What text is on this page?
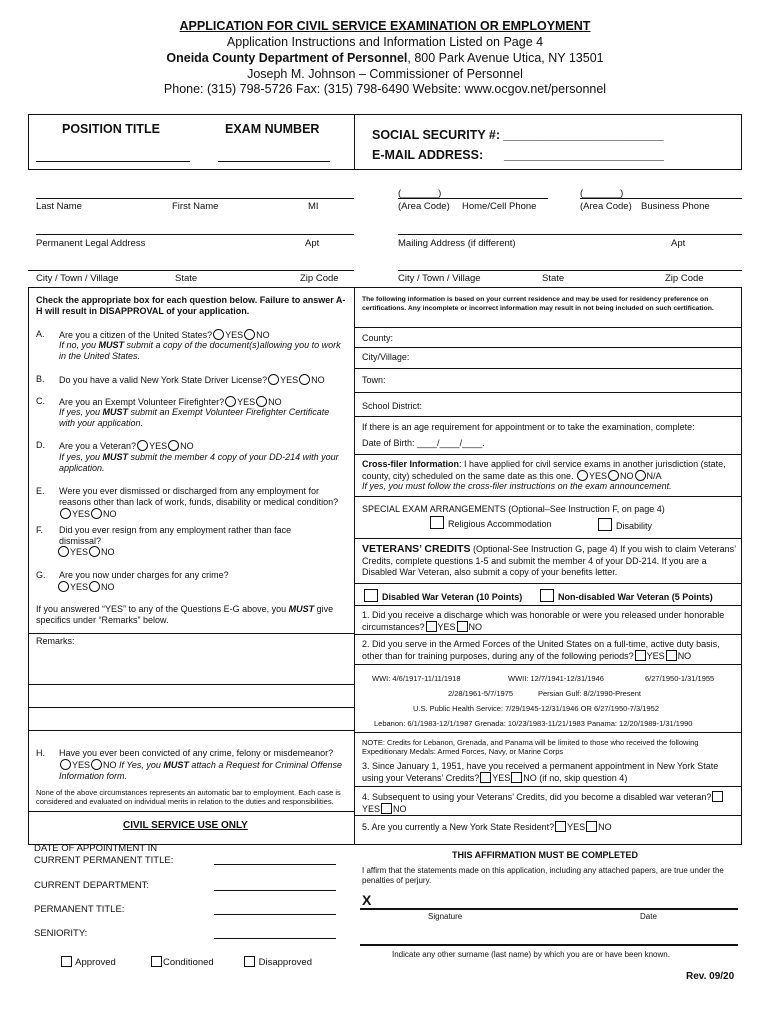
APPLICATION FOR CIVIL SERVICE EXAMINATION OR EMPLOYMENT
Application Instructions and Information Listed on Page 4
Oneida County Department of Personnel, 800 Park Avenue Utica, NY 13501
Joseph M. Johnson – Commissioner of Personnel
Phone: (315) 798-5726 Fax: (315) 798-6490 Website: www.ocgov.net/personnel
POSITION TITLE	EXAM NUMBER	SOCIAL SECURITY #: _______________________
E-MAIL ADDRESS:      _______________________
Last Name	First Name	MI
(_______)
(Area Code) Home/Cell Phone
(_______)
(Area Code) Business Phone
Permanent Legal Address	Apt	Mailing Address (if different)	Apt
City / Town / Village	State	Zip Code	City / Town / Village	State	Zip Code
Check the appropriate box for each question below. Failure to answer A-H will result in DISAPPROVAL of your application.
A. Are you a citizen of the United States? YES NO
If no, you MUST submit a copy of the document(s)allowing you to work in the United States.
B. Do you have a valid New York State Driver License? YES NO
C. Are you an Exempt Volunteer Firefighter? YES NO
If yes, you MUST submit an Exempt Volunteer Firefighter Certificate with your application.
D. Are you a Veteran? YES NO
If yes, you MUST submit the member 4 copy of your DD-214 with your application.
E. Were you ever dismissed or discharged from any employment for reasons other than lack of work, funds, disability or medical condition?YES NO
F. Did you ever resign from any employment rather than face dismissal?
YES NO
G. Are you now under charges for any crime?
YES NO
If you answered “YES” to any of the Questions E-G above, you MUST give specifics under “Remarks” below.
Remarks:
H. Have you ever been convicted of any crime, felony or misdemeanor?YES NO If Yes, you MUST attach a Request for Criminal Offense Information form.
None of the above circumstances represents an automatic bar to employment. Each case is considered and evaluated on individual merits in relation to the duties and responsibilities.
CIVIL SERVICE USE ONLY
The following information is based on your current residence and may be used for residency preference on certifications. Any incomplete or incorrect information may result in not being included on such certification.
County:
City/Village:
Town:
School District:
If there is an age requirement for appointment or to take the examination, complete:
Date of Birth: ____/____/____.
Cross-filer Information: I have applied for civil service exams in another jurisdiction (state, county, city) scheduled on the same date as this one. YES NO N/A
If yes, you must follow the cross-filer instructions on the exam announcement.
SPECIAL EXAM ARRANGEMENTS (Optional–See Instruction F, on page 4)
Religious Accommodation	Disability
VETERANS’ CREDITS (Optional-See Instruction G, page 4) If you wish to claim Veterans’ Credits, complete questions 1-5 and submit the member 4 of your DD-214. If you are a Disabled War Veteran, also submit a copy of your benefits letter.
Disabled War Veteran (10 Points)	Non-disabled War Veteran (5 Points)
1. Did you receive a discharge which was honorable or were you released under honorable circumstances? YES NO
2. Did you serve in the Armed Forces of the United States on a full-time, active duty basis, other than for training purposes, during any of the following periods? YES NO
WWI: 4/6/1917-11/11/1918	WWII: 12/7/1941-12/31/1946	6/27/1950-1/31/1955
2/28/1961-5/7/1975	Persian Gulf: 8/2/1990-Present
U.S. Public Health Service: 7/29/1945-12/31/1946 OR 6/27/1950-7/3/1952
Lebanon: 6/1/1983-12/1/1987 Grenada: 10/23/1983-11/21/1983 Panama: 12/20/1989-1/31/1990
NOTE: Credits for Lebanon, Grenada, and Panama will be limited to those who received the following Expeditionary Medals: Armed Forces, Navy, or Marine Corps
3. Since January 1, 1951, have you received a permanent appointment in New York State using your Veterans’ Credits? YES NO (if no, skip question 4)
4. Subsequent to using your Veterans’ Credits, did you become a disabled war veteran?YES NO
5. Are you currently a New York State Resident? YES NO
DATE OF APPOINTMENT IN CURRENT PERMANENT TITLE:
CURRENT DEPARTMENT:
PERMANENT TITLE:
SENIORITY:
Approved	Conditioned	Disapproved
THIS AFFIRMATION MUST BE COMPLETED
I affirm that the statements made on this application, including any attached papers, are true under the penalties of perjury.
X
Signature	Date
Indicate any other surname (last name) by which you are or have been known.
Rev. 09/20
